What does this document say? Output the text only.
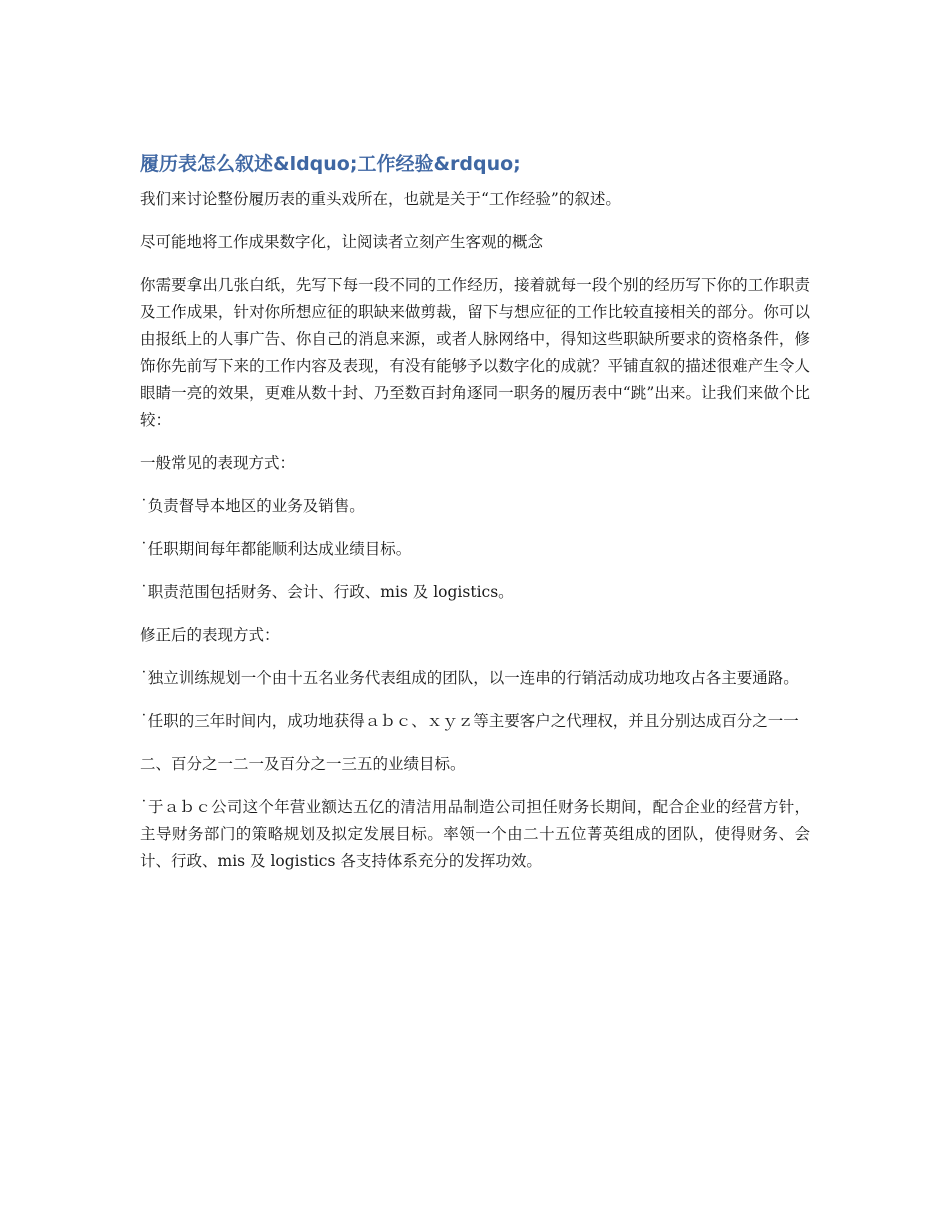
履历表怎么叙述&ldquo;工作经验&rdquo;

我们来讨论整份履历表的重头戏所在，也就是关于“工作经验”的叙述。

尽可能地将工作成果数字化，让阅读者立刻产生客观的概念

你需要拿出几张白纸，先写下每一段不同的工作经历，接着就每一段个别的经历写下你的工作职责及工作成果，针对你所想应征的职缺来做剪裁，留下与想应征的工作比较直接相关的部分。你可以由报纸上的人事广告、你自己的消息来源，或者人脉网络中，得知这些职缺所要求的资格条件，修饰你先前写下来的工作内容及表现，有没有能够予以数字化的成就？平铺直叙的描述很难产生令人眼睛一亮的效果，更难从数十封、乃至数百封角逐同一职务的履历表中“跳”出来。让我们来做个比较：

一般常见的表现方式：

˙负责督导本地区的业务及销售。

˙任职期间每年都能顺利达成业绩目标。

˙职责范围包括财务、会计、行政、mis 及 logistics。

修正后的表现方式：

˙独立训练规划一个由十五名业务代表组成的团队，以一连串的行销活动成功地攻占各主要通路。

˙任职的三年时间内，成功地获得ａｂｃ、ｘｙｚ等主要客户之代理权，并且分别达成百分之一一

二、百分之一二一及百分之一三五的业绩目标。

˙于ａｂｃ公司这个年营业额达五亿的清洁用品制造公司担任财务长期间，配合企业的经营方针，主导财务部门的策略规划及拟定发展目标。率领一个由二十五位菁英组成的团队，使得财务、会计、行政、mis 及 logistics 各支持体系充分的发挥功效。
